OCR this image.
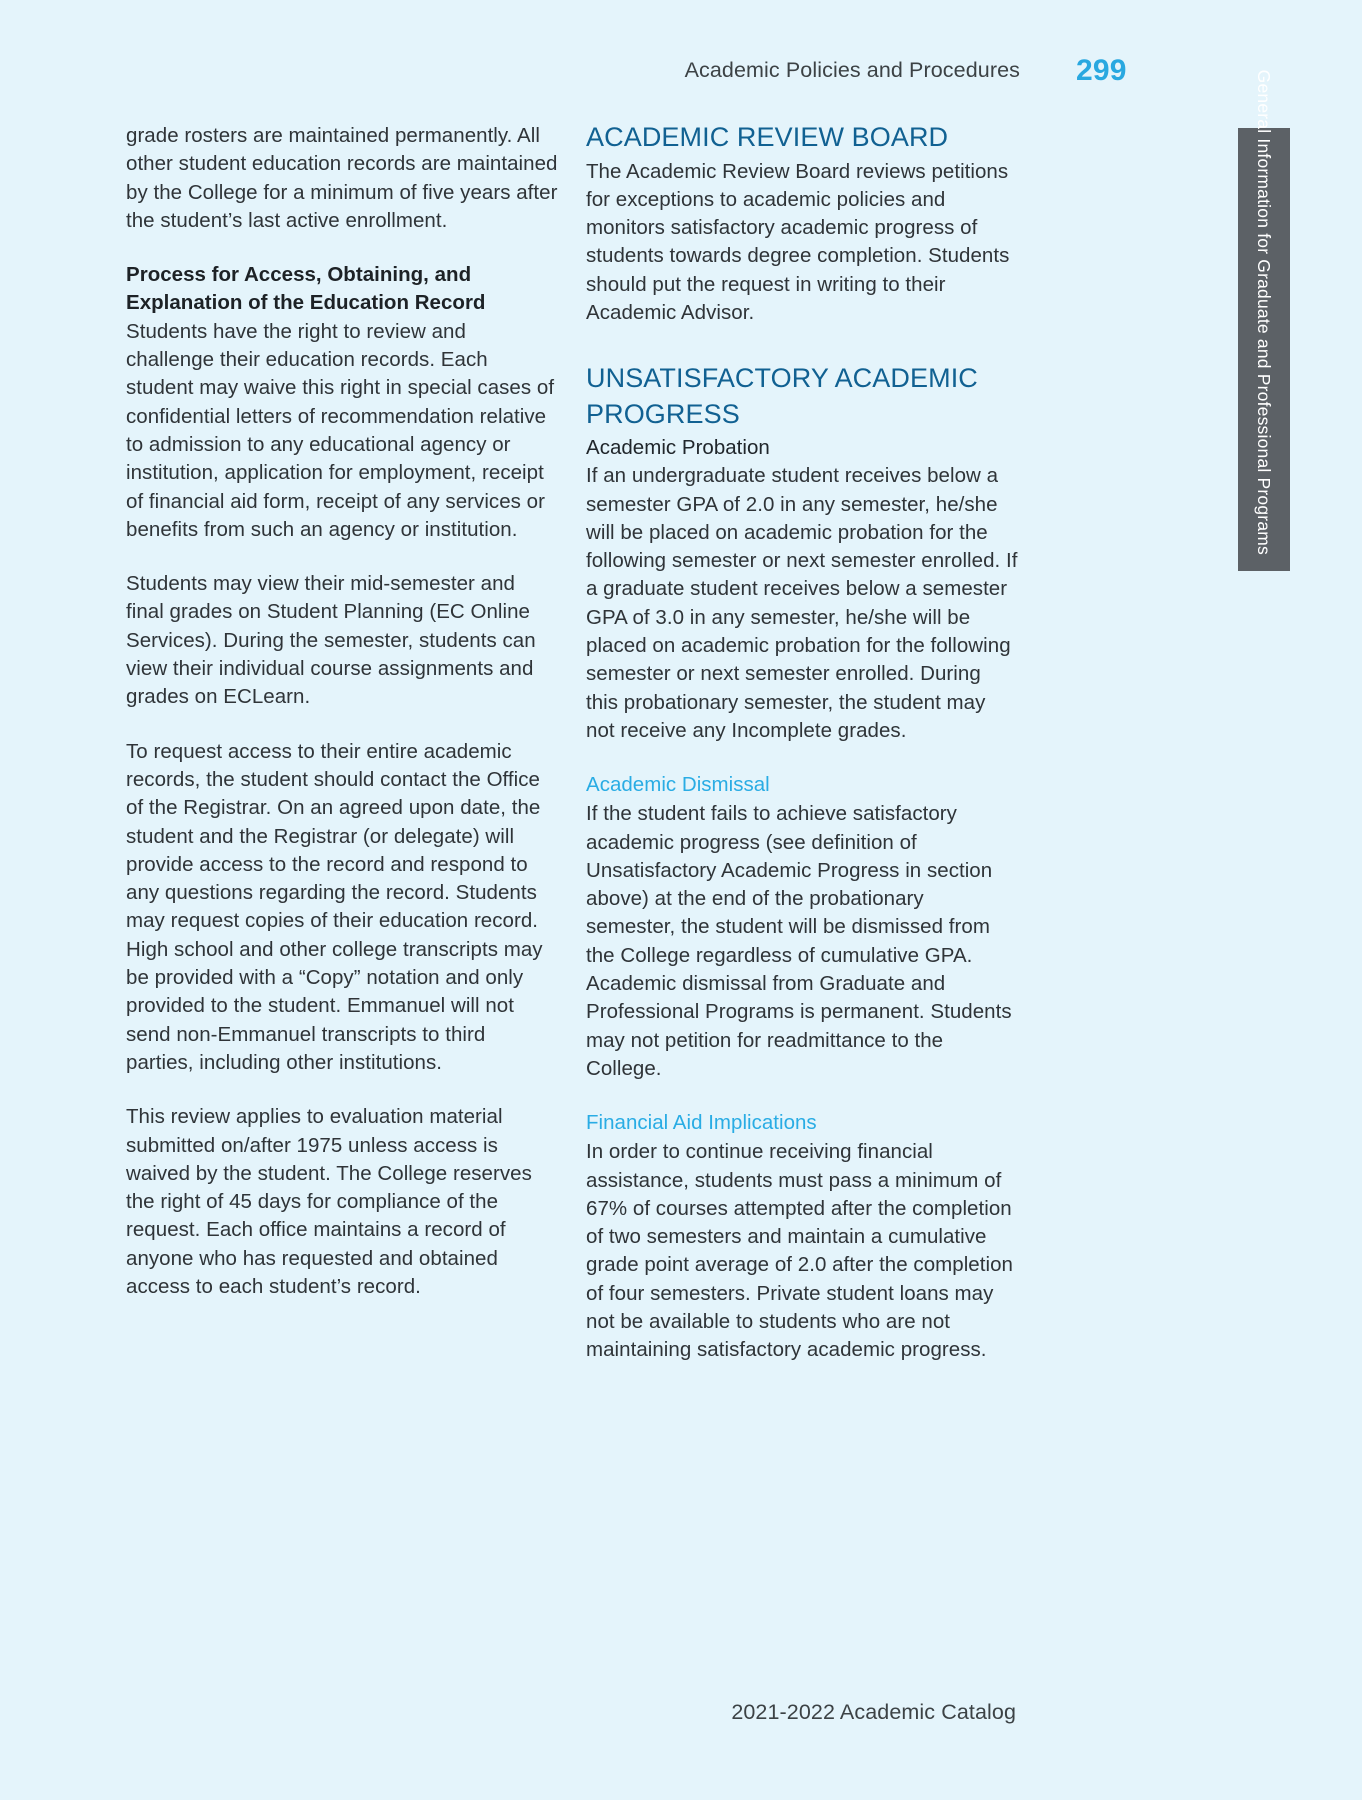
Academic Policies and Procedures 299	General Information for Graduate and Professional Programs

grade rosters are maintained permanently. All other student education records are maintained by the College for a minimum of five years after the student’s last active enrollment.

Process for Access, Obtaining, and
Explanation of the Education Record

Students have the right to review and challenge their education records. Each student may waive this right in special cases of confidential letters of recommendation relative to admission to any educational agency or institution, application for employment, receipt of financial aid form, receipt of any services or benefits from such an agency or institution.

Students may view their mid-semester and final grades on Student Planning (EC Online Services). During the semester, students can view their individual course assignments and grades on ECLearn.

To request access to their entire academic records, the student should contact the Office of the Registrar. On an agreed upon date, the student and the Registrar (or delegate) will provide access to the record and respond to any questions regarding the record. Students may request copies of their education record. High school and other college transcripts may be provided with a “Copy” notation and only provided to the student. Emmanuel will not send non-Emmanuel transcripts to third parties, including other institutions.

This review applies to evaluation material submitted on/after 1975 unless access is waived by the student. The College reserves the right of 45 days for compliance of the request. Each office maintains a record of anyone who has requested and obtained access to each student’s record.

ACADEMIC REVIEW BOARD

The Academic Review Board reviews petitions for exceptions to academic policies and monitors satisfactory academic progress of students towards degree completion. Students should put the request in writing to their Academic Advisor.

UNSATISFACTORY ACADEMIC
PROGRESS
Academic Probation

If an undergraduate student receives below a semester GPA of 2.0 in any semester, he/she will be placed on academic probation for the following semester or next semester enrolled. If a graduate student receives below a semester GPA of 3.0 in any semester, he/she will be placed on academic probation for the following semester or next semester enrolled. During this probationary semester, the student may not receive any Incomplete grades.

Academic Dismissal

If the student fails to achieve satisfactory academic progress (see definition of Unsatisfactory Academic Progress in section above) at the end of the probationary semester, the student will be dismissed from the College regardless of cumulative GPA. Academic dismissal from Graduate and Professional Programs is permanent. Students may not petition for readmittance to the College.

Financial Aid Implications

In order to continue receiving financial assistance, students must pass a minimum of 67% of courses attempted after the completion of two semesters and maintain a cumulative grade point average of 2.0 after the completion of four semesters. Private student loans may not be available to students who are not maintaining satisfactory academic progress.

2021-2022 Academic Catalog
